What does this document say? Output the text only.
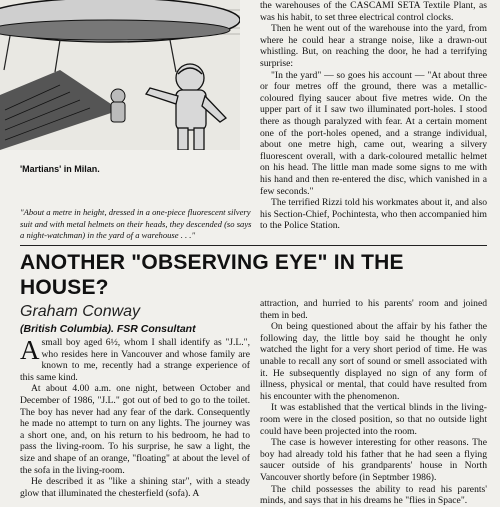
'Martians' in Milan.
"About a metre in height, dressed in a one-piece fluorescent silvery suit and with metal helmets on their heads, they descended (so says a night-watchman) in the yard of a warehouse . . ."

the warehouses of the CASCAMI SETA Textile Plant, as was his habit, to set three electrical control clocks.

Then he went out of the warehouse into the yard, from where he could hear a strange noise, like a drawn-out whistling. But, on reaching the door, he had a terrifying surprise:

"In the yard" — so goes his account — "At about three or four metres off the ground, there was a metallic-coloured flying saucer about five metres wide. On the upper part of it I saw two illuminated port-holes. I stood there as though paralyzed with fear. At a certain moment one of the port-holes opened, and a strange individual, about one metre high, came out, wearing a silvery fluorescent overall, with a dark-coloured metallic helmet on his head. The little man made some signs to me with his hand and then re-entered the disc, which vanished in a few seconds."

The terrified Rizzi told his workmates about it, and also his Section-Chief, Pochintesta, who then accompanied him to the Police Station.

ANOTHER "OBSERVING EYE" IN THE HOUSE?
Graham Conway
(British Columbia). FSR Consultant

Asmall boy aged 6½, whom I shall identify as "J.L.", who resides here in Vancouver and whose family are known to me, recently had a strange experience of this same kind.

At about 4.00 a.m. one night, between October and December of 1986, "J.L." got out of bed to go to the toilet. The boy has never had any fear of the dark. Consequently he made no attempt to turn on any lights. The journey was a short one, and, on his return to his bedroom, he had to pass the living-room. To his surprise, he saw a light, the size and shape of an orange, "floating" at about the level of the sofa in the living-room.

He described it as "like a shining star", with a steady glow that illuminated the chesterfield (sofa). A

attraction, and hurried to his parents' room and joined them in bed.

On being questioned about the affair by his father the following day, the little boy said he thought he only watched the light for a very short period of time. He was unable to recall any sort of sound or smell associated with it. He subsequently displayed no sign of any form of illness, physical or mental, that could have resulted from his encounter with the phenomenon.

It was established that the vertical blinds in the living-room were in the closed position, so that no outside light could have been projected into the room.

The case is however interesting for other reasons. The boy had already told his father that he had seen a flying saucer outside of his grandparents' house in North Vancouver shortly before (in Septmber 1986).

The child possesses the ability to read his parents' minds, and says that in his dreams he "flies in Space".
